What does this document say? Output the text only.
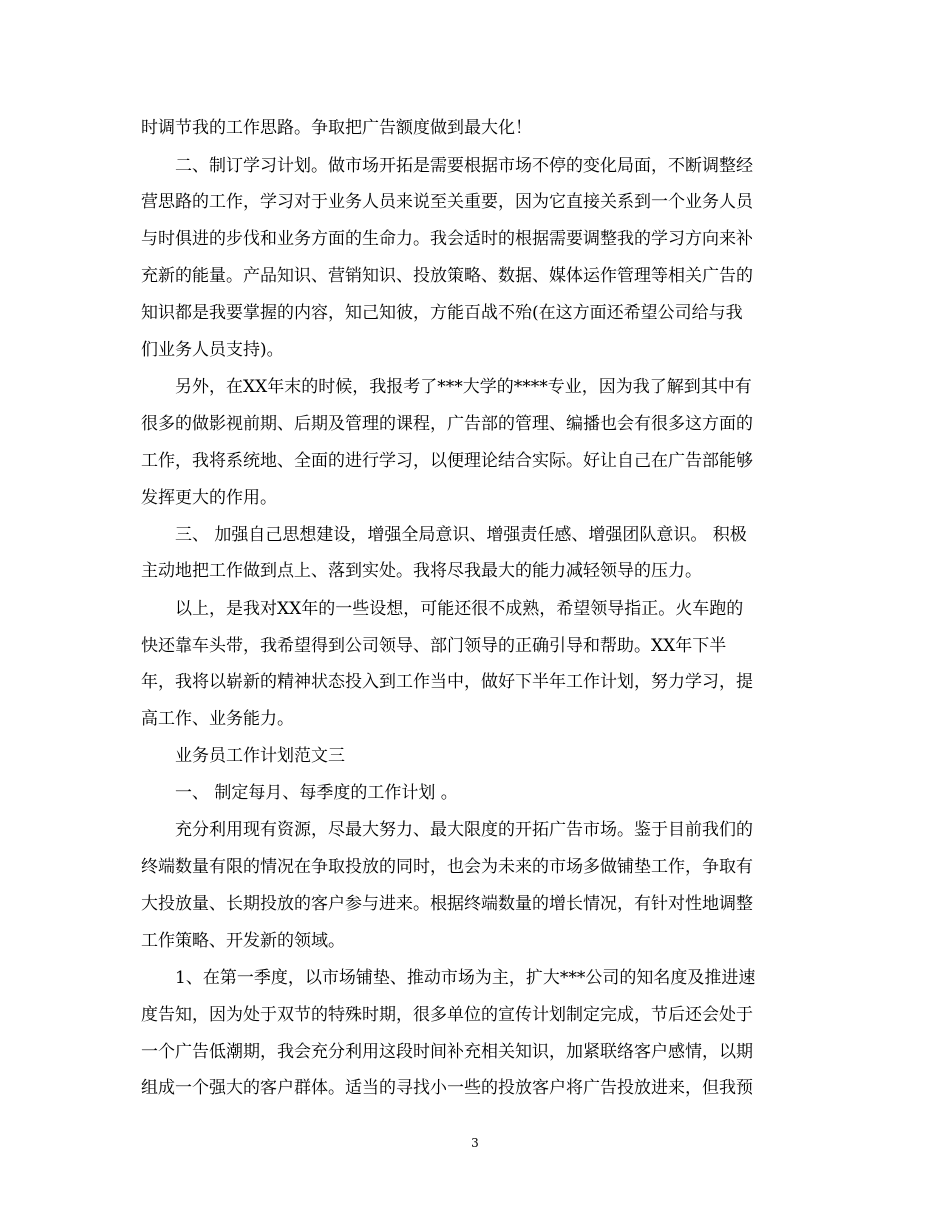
时调节我的工作思路。争取把广告额度做到最大化！
二、制订学习计划。做市场开拓是需要根据市场不停的变化局面，不断调整经
营思路的工作，学习对于业务人员来说至关重要，因为它直接关系到一个业务人员
与时俱进的步伐和业务方面的生命力。我会适时的根据需要调整我的学习方向来补
充新的能量。产品知识、营销知识、投放策略、数据、媒体运作管理等相关广告的
知识都是我要掌握的内容，知己知彼，方能百战不殆(在这方面还希望公司给与我
们业务人员支持)。
另外，在XX年末的时候，我报考了***大学的****专业，因为我了解到其中有
很多的做影视前期、后期及管理的课程，广告部的管理、编播也会有很多这方面的
工作，我将系统地、全面的进行学习，以便理论结合实际。好让自己在广告部能够
发挥更大的作用。
三、 加强自己思想建设，增强全局意识、增强责任感、增强团队意识。 积极
主动地把工作做到点上、落到实处。我将尽我最大的能力减轻领导的压力。
以上，是我对XX年的一些设想，可能还很不成熟，希望领导指正。火车跑的
快还靠车头带，我希望得到公司领导、部门领导的正确引导和帮助。XX年下半
年，我将以崭新的精神状态投入到工作当中，做好下半年工作计划，努力学习，提
高工作、业务能力。
业务员工作计划范文三
一、 制定每月、每季度的工作计划 。
充分利用现有资源，尽最大努力、最大限度的开拓广告市场。鉴于目前我们的
终端数量有限的情况在争取投放的同时，也会为未来的市场多做铺垫工作，争取有
大投放量、长期投放的客户参与进来。根据终端数量的增长情况，有针对性地调整
工作策略、开发新的领域。
1、在第一季度，以市场铺垫、推动市场为主，扩大***公司的知名度及推进速
度告知，因为处于双节的特殊时期，很多单位的宣传计划制定完成，节后还会处于
一个广告低潮期，我会充分利用这段时间补充相关知识，加紧联络客户感情，以期
组成一个强大的客户群体。适当的寻找小一些的投放客户将广告投放进来，但我预
3
